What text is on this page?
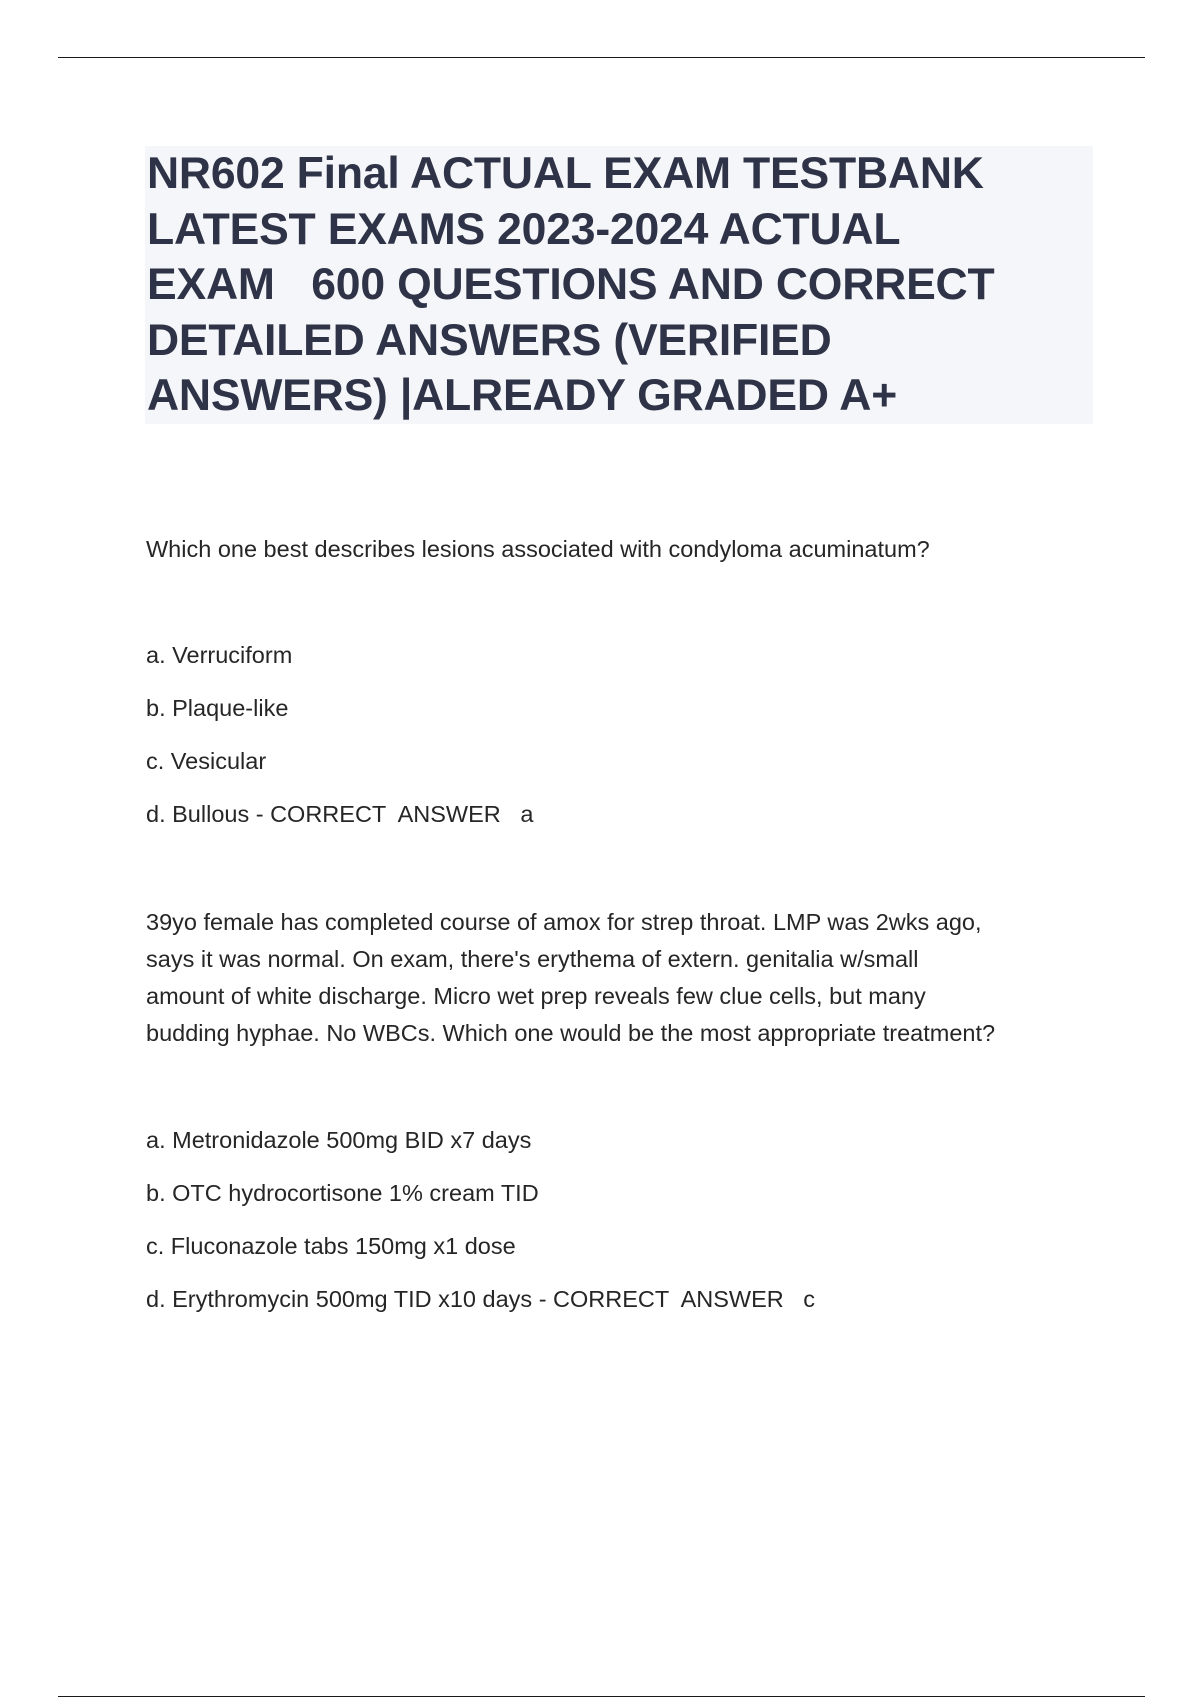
NR602 Final ACTUAL EXAM TESTBANK
LATEST EXAMS 2023-2024 ACTUAL
EXAM   600 QUESTIONS AND CORRECT
DETAILED ANSWERS (VERIFIED
ANSWERS) |ALREADY GRADED A+

Which one best describes lesions associated with condyloma acuminatum?

a. Verruciform

b. Plaque-like

c. Vesicular

d. Bullous - CORRECT  ANSWER   a

39yo female has completed course of amox for strep throat. LMP was 2wks ago,
says it was normal. On exam, there's erythema of extern. genitalia w/small
amount of white discharge. Micro wet prep reveals few clue cells, but many
budding hyphae. No WBCs. Which one would be the most appropriate treatment?

a. Metronidazole 500mg BID x7 days

b. OTC hydrocortisone 1% cream TID

c. Fluconazole tabs 150mg x1 dose

d. Erythromycin 500mg TID x10 days - CORRECT  ANSWER   c
